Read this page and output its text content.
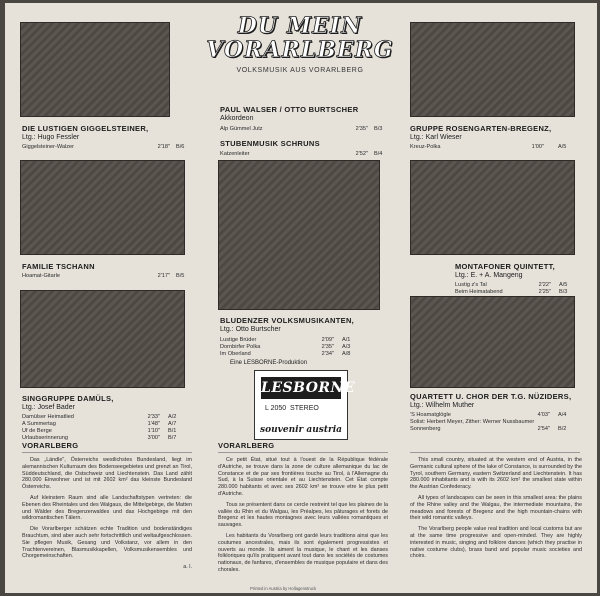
DU MEIN
VORARLBERG
VOLKSMUSIK AUS VORARLBERG
DIE LUSTIGEN GIGGELSTEINER,
Ltg.: Hugo Fessler
Giggelsteiner-Walzer	2'18" B/6
PAUL WALSER / OTTO BURTSCHER
Akkordeon
Alp Gümmel Jutz	2'35" B/3
STUBENMUSIK SCHRUNS
Katzenleiter	2'52" B/4
GRUPPE ROSENGARTEN-BREGENZ,
Ltg.: Karl Wieser
Kreuz-Polka	1'00"	A/5
FAMILIE TSCHANN
Hoamat-Gitarle	2'17" B/5
MONTAFONER QUINTETT,
Ltg.: E. + A. Mangeng
Lustig z's Tal	2'22" A/5
Beim Heimatabend	2'25" B/3
BLUDENZER VOLKSMUSIKANTEN,
Ltg.: Otto Burtscher
Lustige Brüder	2'09" A/1
Dornbirfer Polka	2'35" A/3
Im Oberland	2'34" A/8
Eine LESBORNE-Produktion
LESBORNE
L 2050 STEREO
souvenir austria
SINGGRUPPE DAMÜLS,
Ltg.: Josef Bader
Damülser Heimatlied	2'33" A/2
A Summertag	1'48" A/7
Uf de Berge	1'10" B/1
Urlaubserinnerung	3'00" B/7
QUARTETT U. CHOR DER T.G. NÜZIDERS,
Ltg.: Wilhelm Muther
'S Hoamatglögle	4'03" A/4
Solist: Herbert Meyer, Zither: Werner Nussbaumer
Sonnenberg	2'54" B/2
VORARLBERG	VORARLBERG

Das „Ländle", Österreichs westlichstes Bundesland, liegt im alemannischen Kulturraum des Bodenseegebietes und grenzt an Tirol, Süddeutschland, die Ostschweiz und Liechtenstein. Das Land zählt 280.000 Einwohner und ist mit 2602 km² das kleinste Bundesland Österreichs.

Auf kleinstem Raum sind alle Landschaftstypen vertreten: die Ebenen des Rheintales und des Walgaus, die Mittelgebirge, die Matten und Wälder des Bregenzerwaldes und das Hochgebirge mit den wildromantischen Tälern.

Die Vorarlberger schätzen echte Tradition und bodenständiges Brauchtum, sind aber auch sehr fortschrittlich und weltaufgeschlossen. Sie pflegen Musik, Gesang und Volkstanz, vor allem in den Trachtenvereinen, Blasmusikkapellen, Volksmusikensembles und Chorgemeinschaften.

a. l.

Ce petit État, situé tout à l'ouest de la République fédérale d'Autriche, se trouve dans la zone de culture allemanique du lac de Constance et de par ses frontières touche au Tirol, à l'Allemagne du Sud, à la Suisse orientale et au Liechtenstein. Cet État compte 280.000 habitants et avec ses 2602 km² se trouve etre le plus petit d'Autriche.

Tous se présentent dans ce cercle restreint tel que les plaines de la vallée du Rhin et du Walgau, les Préalpes, les pâturages et forets de Bregenz et les hautes montagnes avec leurs vallées romantiques et sauvages.

Les habitants du Vorarlberg ont gardé leurs traditions ainsi que les coutumes ancestrales, mais ils sont également progressistes et ouverts au monde. Ils aiment la musique, le chant et les danses folkloriques qu'ils pratiquent avant tout dans les sociétés de costumes nationaux, de fanfares, d'ensembles de musique populaire et dans des chorales.

This small country, situated at the western end of Austria, in the Germanic cultural sphere of the lake of Constance, is surrounded by the Tyrol, southern Germany, eastern Switzerland and Liechtenstein. It has 280.000 inhabitants and is with its 2602 km² the smallest state within the Austrian Confederacy.

All types of landscapes can be seen in this smallest area: the plains of the Rhine valley and the Walgau, the intermediate mountains, the meadows and forests of Bregenz and the high mountain-chains with their wild romantic valleys.

The Vorarlberg people value real tradition and local customs but are at the same time progressive and open-minded. They are highly interested in music, singing and folklore dances (which they practise in native costume clubs), brass band and popular music societies and choirs.

Printed in Austria by Hollagenstruck
